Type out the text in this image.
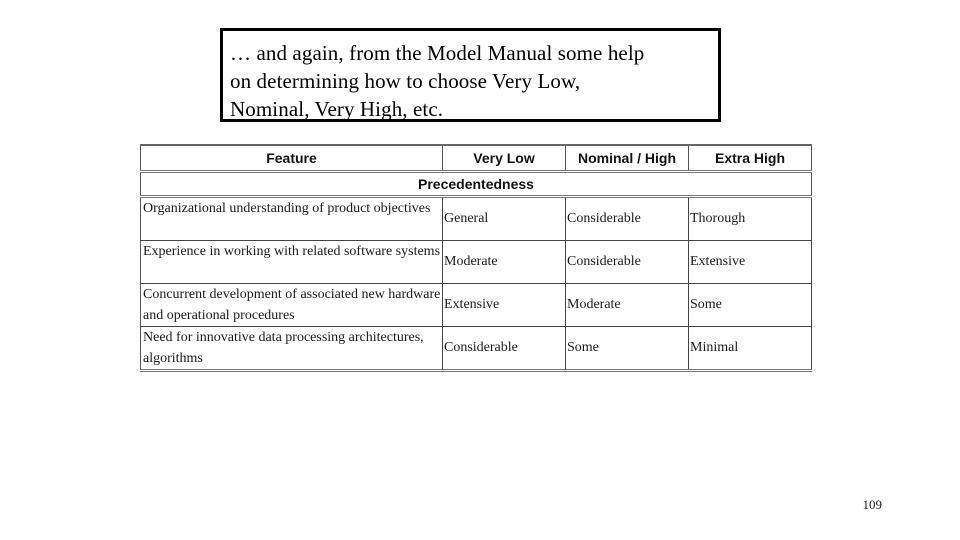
… and again, from the Model Manual some help
on determining how to choose Very Low,
Nominal, Very High, etc.
Feature	Very Low	Nominal / High	Extra High
Precedentedness			
Organizational understanding of product objectives	General	Considerable	Thorough
Experience in working with related software systems	Moderate	Considerable	Extensive
Concurrent development of associated new hardware and operational procedures	Extensive	Moderate	Some
Need for innovative data processing architectures, algorithms	Considerable	Some	Minimal
109
